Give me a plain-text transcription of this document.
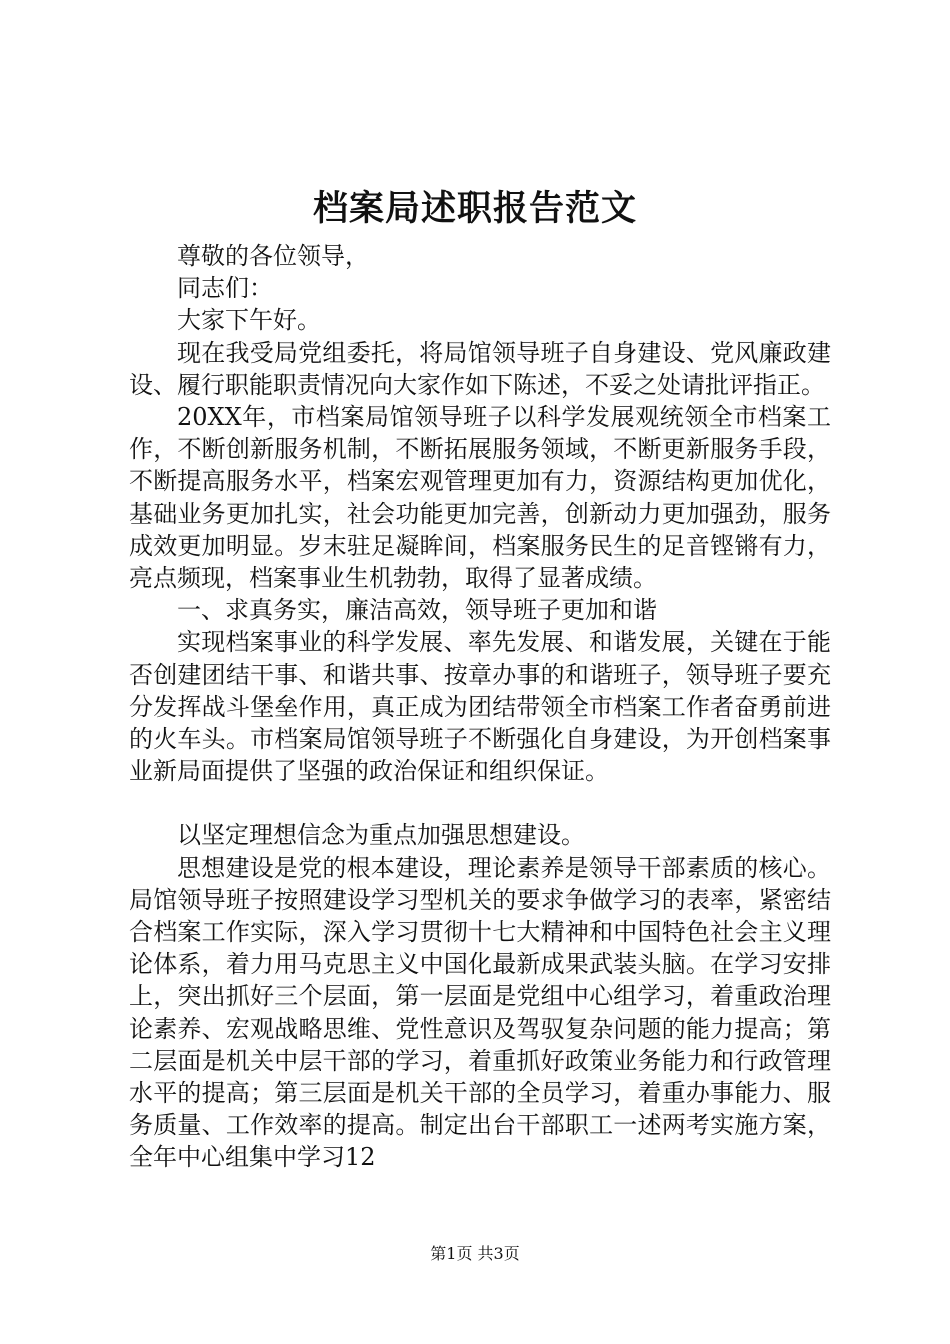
档案局述职报告范文

尊敬的各位领导，

同志们：

大家下午好。

现在我受局党组委托，将局馆领导班子自身建设、党风廉政建设、履行职能职责情况向大家作如下陈述，不妥之处请批评指正。

20XX年，市档案局馆领导班子以科学发展观统领全市档案工作，不断创新服务机制，不断拓展服务领域，不断更新服务手段，不断提高服务水平，档案宏观管理更加有力，资源结构更加优化，基础业务更加扎实，社会功能更加完善，创新动力更加强劲，服务成效更加明显。岁末驻足凝眸间，档案服务民生的足音铿锵有力，亮点频现，档案事业生机勃勃，取得了显著成绩。

一、求真务实，廉洁高效，领导班子更加和谐

实现档案事业的科学发展、率先发展、和谐发展，关键在于能否创建团结干事、和谐共事、按章办事的和谐班子，领导班子要充分发挥战斗堡垒作用，真正成为团结带领全市档案工作者奋勇前进的火车头。市档案局馆领导班子不断强化自身建设，为开创档案事业新局面提供了坚强的政治保证和组织保证。

以坚定理想信念为重点加强思想建设。

思想建设是党的根本建设，理论素养是领导干部素质的核心。局馆领导班子按照建设学习型机关的要求争做学习的表率，紧密结合档案工作实际，深入学习贯彻十七大精神和中国特色社会主义理论体系，着力用马克思主义中国化最新成果武装头脑。在学习安排上，突出抓好三个层面，第一层面是党组中心组学习，着重政治理论素养、宏观战略思维、党性意识及驾驭复杂问题的能力提高；第二层面是机关中层干部的学习，着重抓好政策业务能力和行政管理水平的提高；第三层面是机关干部的全员学习，着重办事能力、服务质量、工作效率的提高。制定出台干部职工一述两考实施方案，全年中心组集中学习12

第1页 共3页
